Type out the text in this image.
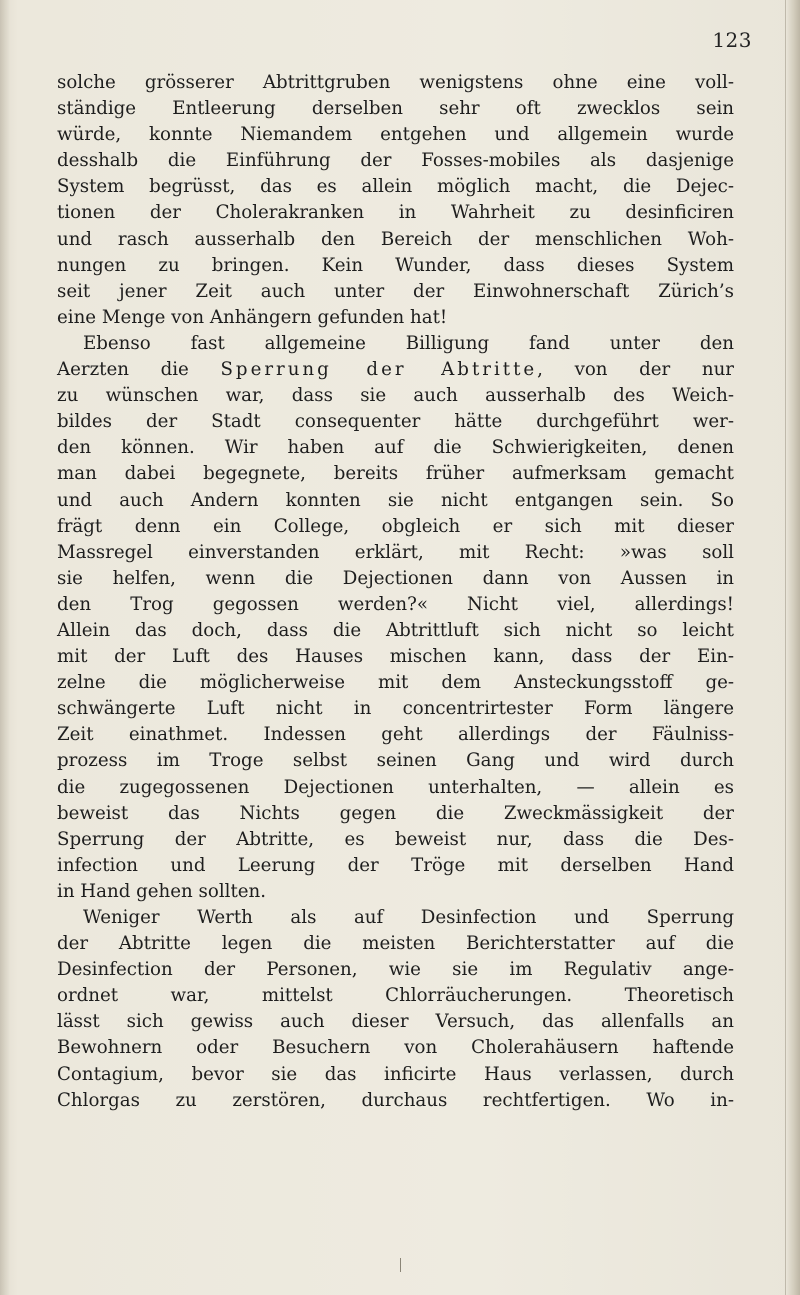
123
solche grösserer Abtrittgruben wenigstens ohne eine voll-
ständige Entleerung derselben sehr oft zwecklos sein
würde, konnte Niemandem entgehen und allgemein wurde
desshalb die Einführung der Fosses-mobiles als dasjenige
System begrüsst, das es allein möglich macht, die Dejec-
tionen der Cholerakranken in Wahrheit zu desinficiren
und rasch ausserhalb den Bereich der menschlichen Woh-
nungen zu bringen. Kein Wunder, dass dieses System
seit jener Zeit auch unter der Einwohnerschaft Zürich’s
eine Menge von Anhängern gefunden hat!
Ebenso fast allgemeine Billigung fand unter den
Aerzten die Sperrung der Abtritte, von der nur
zu wünschen war, dass sie auch ausserhalb des Weich-
bildes der Stadt consequenter hätte durchgeführt wer-
den können. Wir haben auf die Schwierigkeiten, denen
man dabei begegnete, bereits früher aufmerksam gemacht
und auch Andern konnten sie nicht entgangen sein. So
frägt denn ein College, obgleich er sich mit dieser
Massregel einverstanden erklärt, mit Recht: »was soll
sie helfen, wenn die Dejectionen dann von Aussen in
den Trog gegossen werden?« Nicht viel, allerdings!
Allein das doch, dass die Abtrittluft sich nicht so leicht
mit der Luft des Hauses mischen kann, dass der Ein-
zelne die möglicherweise mit dem Ansteckungsstoff ge-
schwängerte Luft nicht in concentrirtester Form längere
Zeit einathmet. Indessen geht allerdings der Fäulniss-
prozess im Troge selbst seinen Gang und wird durch
die zugegossenen Dejectionen unterhalten, — allein es
beweist das Nichts gegen die Zweckmässigkeit der
Sperrung der Abtritte, es beweist nur, dass die Des-
infection und Leerung der Tröge mit derselben Hand
in Hand gehen sollten.
Weniger Werth als auf Desinfection und Sperrung
der Abtritte legen die meisten Berichterstatter auf die
Desinfection der Personen, wie sie im Regulativ ange-
ordnet war, mittelst Chlorräucherungen. Theoretisch
lässt sich gewiss auch dieser Versuch, das allenfalls an
Bewohnern oder Besuchern von Cholerahäusern haftende
Contagium, bevor sie das inficirte Haus verlassen, durch
Chlorgas zu zerstören, durchaus rechtfertigen. Wo in-
